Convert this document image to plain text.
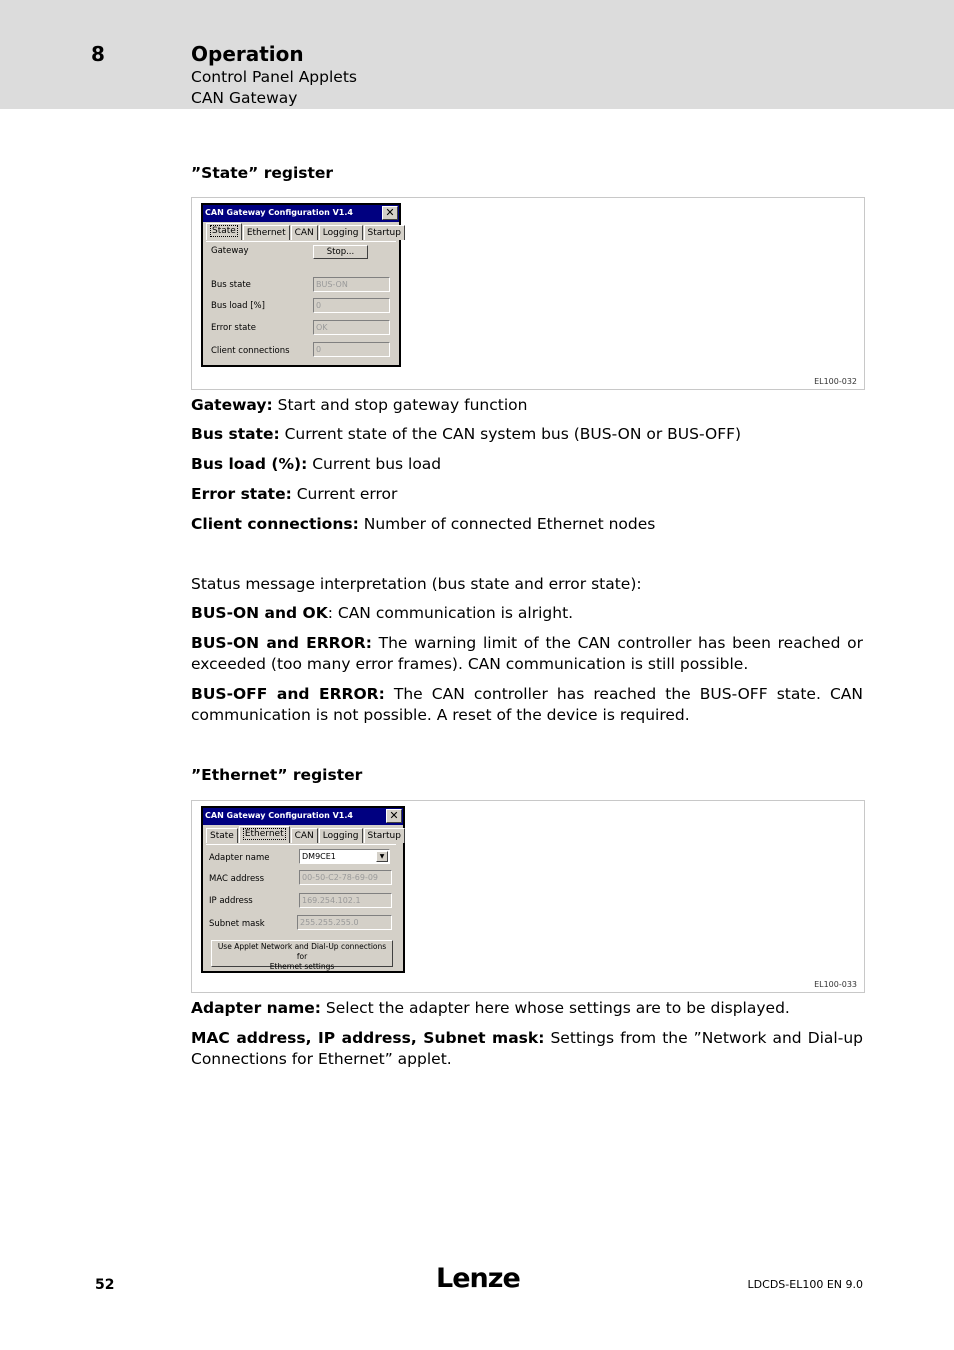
8	Operation
Control Panel Applets
CAN Gateway
”State” register
CAN Gateway Configuration V1.4	✕
State	Ethernet	CAN	Logging	Startup
Gateway	Stop...
Bus state	BUS-ON
Bus load [%]	0
Error state	OK
Client connections	0
EL100-032
Gateway: Start and stop gateway function
Bus state: Current state of the CAN system bus (BUS-ON or BUS-OFF)
Bus load (%): Current bus load
Error state: Current error
Client connections: Number of connected Ethernet nodes
Status message interpretation (bus state and error state):
BUS-ON and OK: CAN communication is alright.
BUS-ON and ERROR: The warning limit of the CAN controller has been reached or exceeded (too many error frames). CAN communication is still possible.
BUS-OFF and ERROR: The CAN controller has reached the BUS-OFF state. CAN communication is not possible. A reset of the device is required.
”Ethernet” register
CAN Gateway Configuration V1.4	✕
State	Ethernet	CAN	Logging	Startup
Adapter name	DM9CE1	▼
MAC address	00-50-C2-78-69-09
IP address	169.254.102.1
Subnet mask	255.255.255.0
Use Applet Network and Dial-Up connections for
Ethernet settings
EL100-033
Adapter name: Select the adapter here whose settings are to be displayed.
MAC address, IP address, Subnet mask: Settings from the ”Network and Dial-up Connections for Ethernet” applet.
52	Lenze	LDCDS-EL100 EN 9.0
